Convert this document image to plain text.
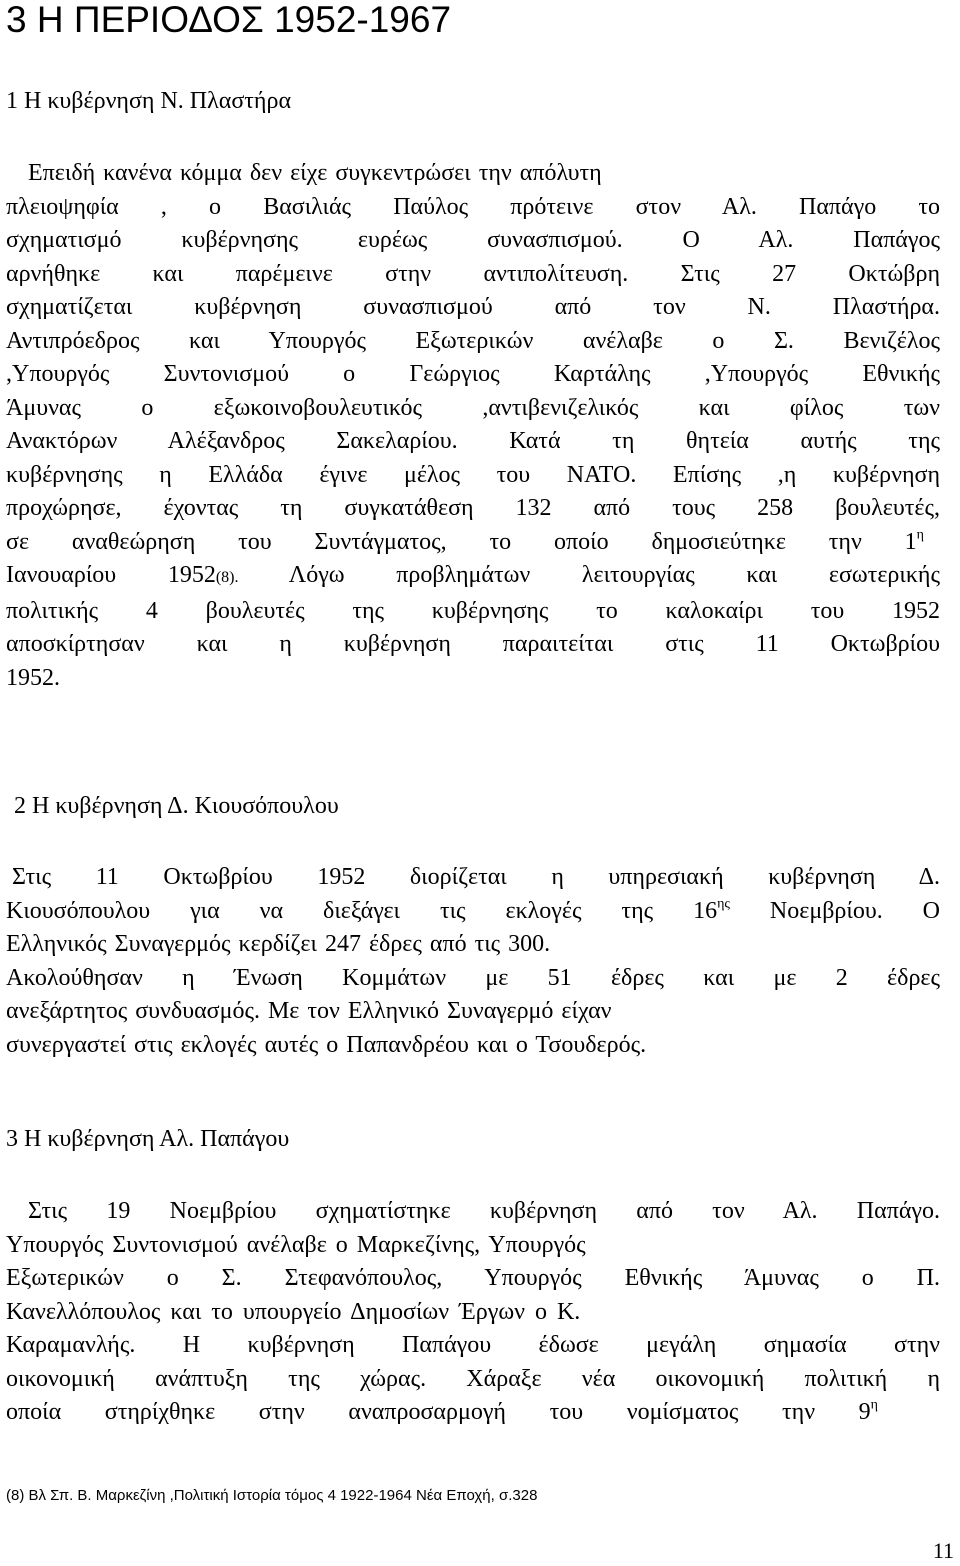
3 Η ΠΕΡΙΟΔΟΣ 1952-1967
1 Η κυβέρνηση Ν. Πλαστήρα
Επειδή κανένα κόμμα δεν είχε συγκεντρώσει την απόλυτη
πλειοψηφία , ο Βασιλιάς Παύλος πρότεινε στον Αλ. Παπάγο το
σχηματισμό κυβέρνησης ευρέως συνασπισμού. Ο Αλ. Παπάγος
αρνήθηκε και παρέμεινε στην αντιπολίτευση. Στις 27 Οκτώβρη
σχηματίζεται κυβέρνηση συνασπισμού από τον Ν. Πλαστήρα.
Αντιπρόεδρος και Υπουργός Εξωτερικών ανέλαβε ο Σ. Βενιζέλος
,Υπουργός Συντονισμού ο Γεώργιος Καρτάλης ,Υπουργός Εθνικής
Άμυνας ο εξωκοινοβουλευτικός ,αντιβενιζελικός και φίλος των
Ανακτόρων Αλέξανδρος Σακελαρίου. Κατά τη θητεία αυτής της
κυβέρνησης η Ελλάδα έγινε μέλος του ΝΑΤΟ. Επίσης ,η κυβέρνηση
προχώρησε, έχοντας τη συγκατάθεση 132 από τους 258 βουλευτές,
σε αναθεώρηση του Συντάγματος, το οποίο δημοσιεύτηκε την $1^\eta$
Ιανουαρίου 1952(8). Λόγω προβλημάτων λειτουργίας και εσωτερικής
πολιτικής 4 βουλευτές της κυβέρνησης το καλοκαίρι του 1952
αποσκίρτησαν και η κυβέρνηση παραιτείται στις 11 Οκτωβρίου
1952.
2 Η κυβέρνηση Δ. Κιουσόπουλου
Στις 11 Οκτωβρίου 1952 διορίζεται η υπηρεσιακή κυβέρνηση Δ.
Κιουσόπουλου για να διεξάγει τις εκλογές της $16^{\eta\varsigma}$ Νοεμβρίου. Ο
Ελληνικός Συναγερμός κερδίζει 247 έδρες από τις 300.
Ακολούθησαν η Ένωση Κομμάτων με 51 έδρες και με 2 έδρες
ανεξάρτητος συνδυασμός. Με τον Ελληνικό Συναγερμό είχαν
συνεργαστεί στις εκλογές αυτές ο Παπανδρέου και ο Τσουδερός.
3 Η κυβέρνηση Αλ. Παπάγου
Στις 19 Νοεμβρίου σχηματίστηκε κυβέρνηση από τον Αλ. Παπάγο.
Υπουργός Συντονισμού ανέλαβε ο Μαρκεζίνης, Υπουργός
Εξωτερικών ο Σ. Στεφανόπουλος, Υπουργός Εθνικής Άμυνας ο Π.
Κανελλόπουλος και το υπουργείο Δημοσίων Έργων ο Κ.
Καραμανλής. Η κυβέρνηση Παπάγου έδωσε μεγάλη σημασία στην
οικονομική ανάπτυξη της χώρας. Χάραξε νέα οικονομική πολιτική η
οποία στηρίχθηκε στην αναπροσαρμογή του νομίσματος την $9^\eta$

(8) Βλ Σπ. Β. Μαρκεζίνη ,Πολιτική Ιστορία τόμος 4 1922-1964 Νέα Εποχή, σ.328

11
